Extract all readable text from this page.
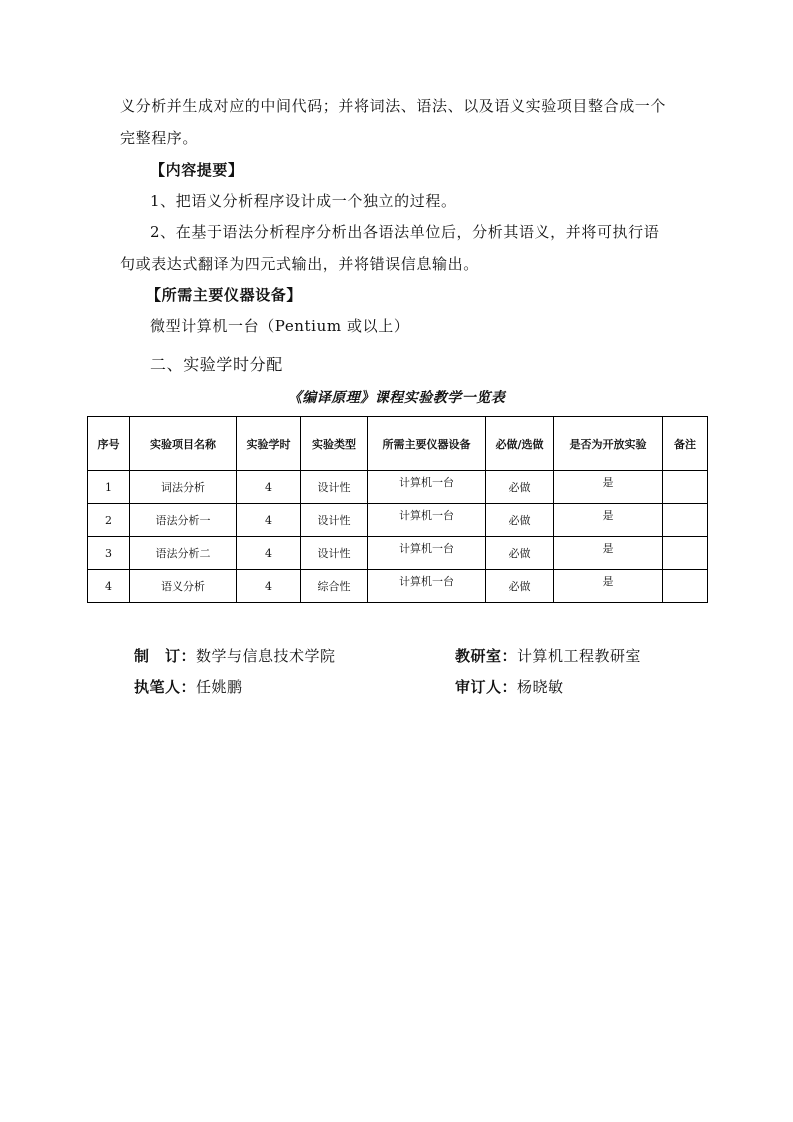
义分析并生成对应的中间代码；并将词法、语法、以及语义实验项目整合成一个
完整程序。
【内容提要】
1、把语义分析程序设计成一个独立的过程。
2、在基于语法分析程序分析出各语法单位后，分析其语义，并将可执行语
句或表达式翻译为四元式输出，并将错误信息输出。
【所需主要仪器设备】
微型计算机一台（Pentium 或以上）
二、实验学时分配
《编译原理》课程实验教学一览表
序号	实验项目名称	实验学时	实验类型	所需主要仪器设备	必做/选做	是否为开放实验	备注
1	词法分析	4	设计性	计算机一台	必做	是	
2	语法分析一	4	设计性	计算机一台	必做	是	
3	语法分析二	4	设计性	计算机一台	必做	是	
4	语义分析	4	综合性	计算机一台	必做	是	
制　订：数学与信息技术学院	教研室：计算机工程教研室
执笔人：任姚鹏	审订人：杨晓敏
